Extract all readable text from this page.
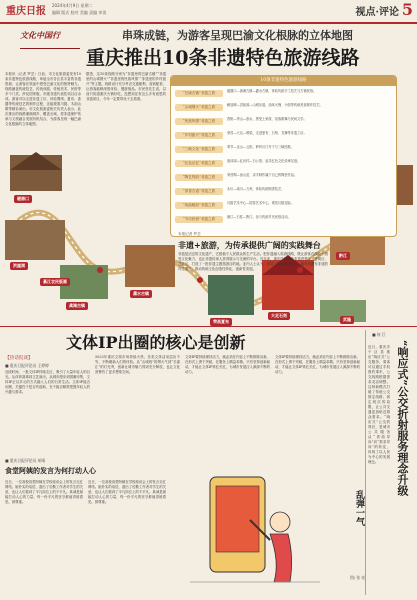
重庆日报
2024年4月9日 星期二
编辑 版式 校对 美编 责编 审读	视点·评论 5
文化中国行	串珠成链，为游客呈现巴渝文化根脉的立体地图
重庆推出10条非遗特色旅游线路
本报讯（记者 罗芸）日前，市文化旅游委发布10条非遗特色旅游线路，串起全市各区县丰富的非遗资源，让游客在旅途中感受巴渝文化的独特魅力。线路涵盖传统技艺、传统戏剧、传统美术、民俗等多个门类，涉及国家级、市级非遗代表性项目百余项。游客可以走进非遗工坊，体验蜀绣、夏布、漆器等传统技艺的制作过程，还能观看川剧、木洞山歌等精彩演出。市文化旅游委相关负责人表示，此次推出的线路兼顾城乡、覆盖全域，将非遗保护传承与文旅融合发展有机结合，为游客呈现一幅巴渝文化根脉的立体地图。
据悉，这10条线路分别为“非遗里的巴渝古镇”“非遗里的山城烟火”“非遗里的民族风情”“非遗里的乡村振兴”等主题。线路设计充分考虑交通便利、食宿配套，让游客能够深度体验、慢游细品。市民张先生说，以前只知道重庆火锅好吃，没想到还有这么多有意思的非遗项目，今年一定要带孩子去看看。
磁器口
洪崖洞
龚滩古镇
濯水古镇
荣昌夏布
大足石刻
黔江
武隆
綦江农民版画
10条非遗特色旅游线路
“巴渝古镇”非遗之旅	磁器口—龚滩古镇—濯水古镇，体验传统手工技艺与古镇民俗。
“山城烟火”非遗之旅	解放碑—洪崖洞—山城步道，品味火锅、小面等传统美食制作技艺。
“民族风情”非遗之旅	酉阳—秀山—彭水，感受土家族、苗族歌舞与民间文学。
“乡村振兴”非遗之旅	荣昌—大足—铜梁，走进夏布、石刻、龙舞等非遗工坊。
“三峡文化”非遗之旅	奉节—巫山—云阳，聆听川江号子与三峡民歌。
“红色记忆”非遗之旅	渣滓洞—红岩村—白公馆，追寻红色文化传承足迹。
“陶艺瓷韵”非遗之旅	荣昌陶—涂山窑，亲手制作属于自己的陶瓷作品。
“茶香古道”非遗之旅	永川—南川—万州，体验传统制茶技艺。
“戏曲雅韵”非遗之旅	川剧艺术中心—国泰艺术中心，观赏川剧变脸。
“节庆民俗”非遗之旅	綦江—石柱—黔江，参与传统节庆民俗活动。
本报记者 罗芸
非遗+旅游，为传承提供广阔的实践舞台
非遗是活态的文化遗产，它根植于人民群众的生产生活。把非遗融入旅游线路，既让游客在游览中感受文化魅力，也让非遗传承人获得展示与交流的平台。近年来，重庆持续推动非遗进景区、进街区、进社区，打造了一批非遗主题旅游目的地。业内人士认为，非遗与旅游深度融合，能有效激发非遗的内生活力，推动传统文化创造性转化、创新性发展。
文体IP出圈的核心是创新
【热话侃谈】
■ 重庆日报评论员 王婷婷
近段时间，一批文体IP持续走红，吸引了大量年轻人的目光。从体育赛事到文艺演出，从城市漫步到国潮市集，文体IP正以多元的方式融入人们的日常生活。文体IP能否出圈，关键在于是否有创新，在于能否精准把握年轻人的兴趣与需求。
2023年重庆文旅市场持续火热，各类文体活动层出不穷，不断刷新人们的体验。从“山城巷”的烟火气到“长嘉汇”的灯光秀，创新让城市魅力得到充分释放，也让文化消费有了更多想象空间。
文体IP要持续保持活力，就必须在内容上不断推陈出新，在形式上勇于突破，在服务上精益求精。只有坚持创新驱动，才能让文体IP常红长红，为城市发展注入源源不断的动力。
文体IP要持续保持活力，就必须在内容上不断推陈出新，在形式上勇于突破，在服务上精益求精。只有坚持创新驱动，才能让文体IP常红长红，为城市发展注入源源不断的动力。
■ 重庆日报评论员 胡靖
食堂阿姨的发言为何打动人心
近日，一位高校食堂阿姨在学校座谈会上的发言走红网络。她朴实的话语，道出了后勤工作者对学生的关爱，也让人们看到了平凡岗位上的不平凡。真诚是最能打动人心的力量，每一份平凡的坚守都值得被看见、被尊重。
近日，一位高校食堂阿姨在学校座谈会上的发言走红网络。她朴实的话语，道出了后勤工作者对学生的关爱，也让人们看到了平凡岗位上的不平凡。真诚是最能打动人心的力量，每一份平凡的坚守都值得被看见、被尊重。	乱弹一气
图/ 张 亮
■ 何 江
“响应式”公交折射服务理念升级
近日，重庆多个区县推出“响应式”公交服务，乘客可以通过手机预约乘车，公交线路根据需求灵活调整。这种新模式打破了传统公交固定线路、固定班次的局限，让公共交通更加贴近群众需求。“响应式”公交的背后，是城市公共服务从“供给导向”向“需求导向”的转变，体现了以人民为中心的发展理念。
